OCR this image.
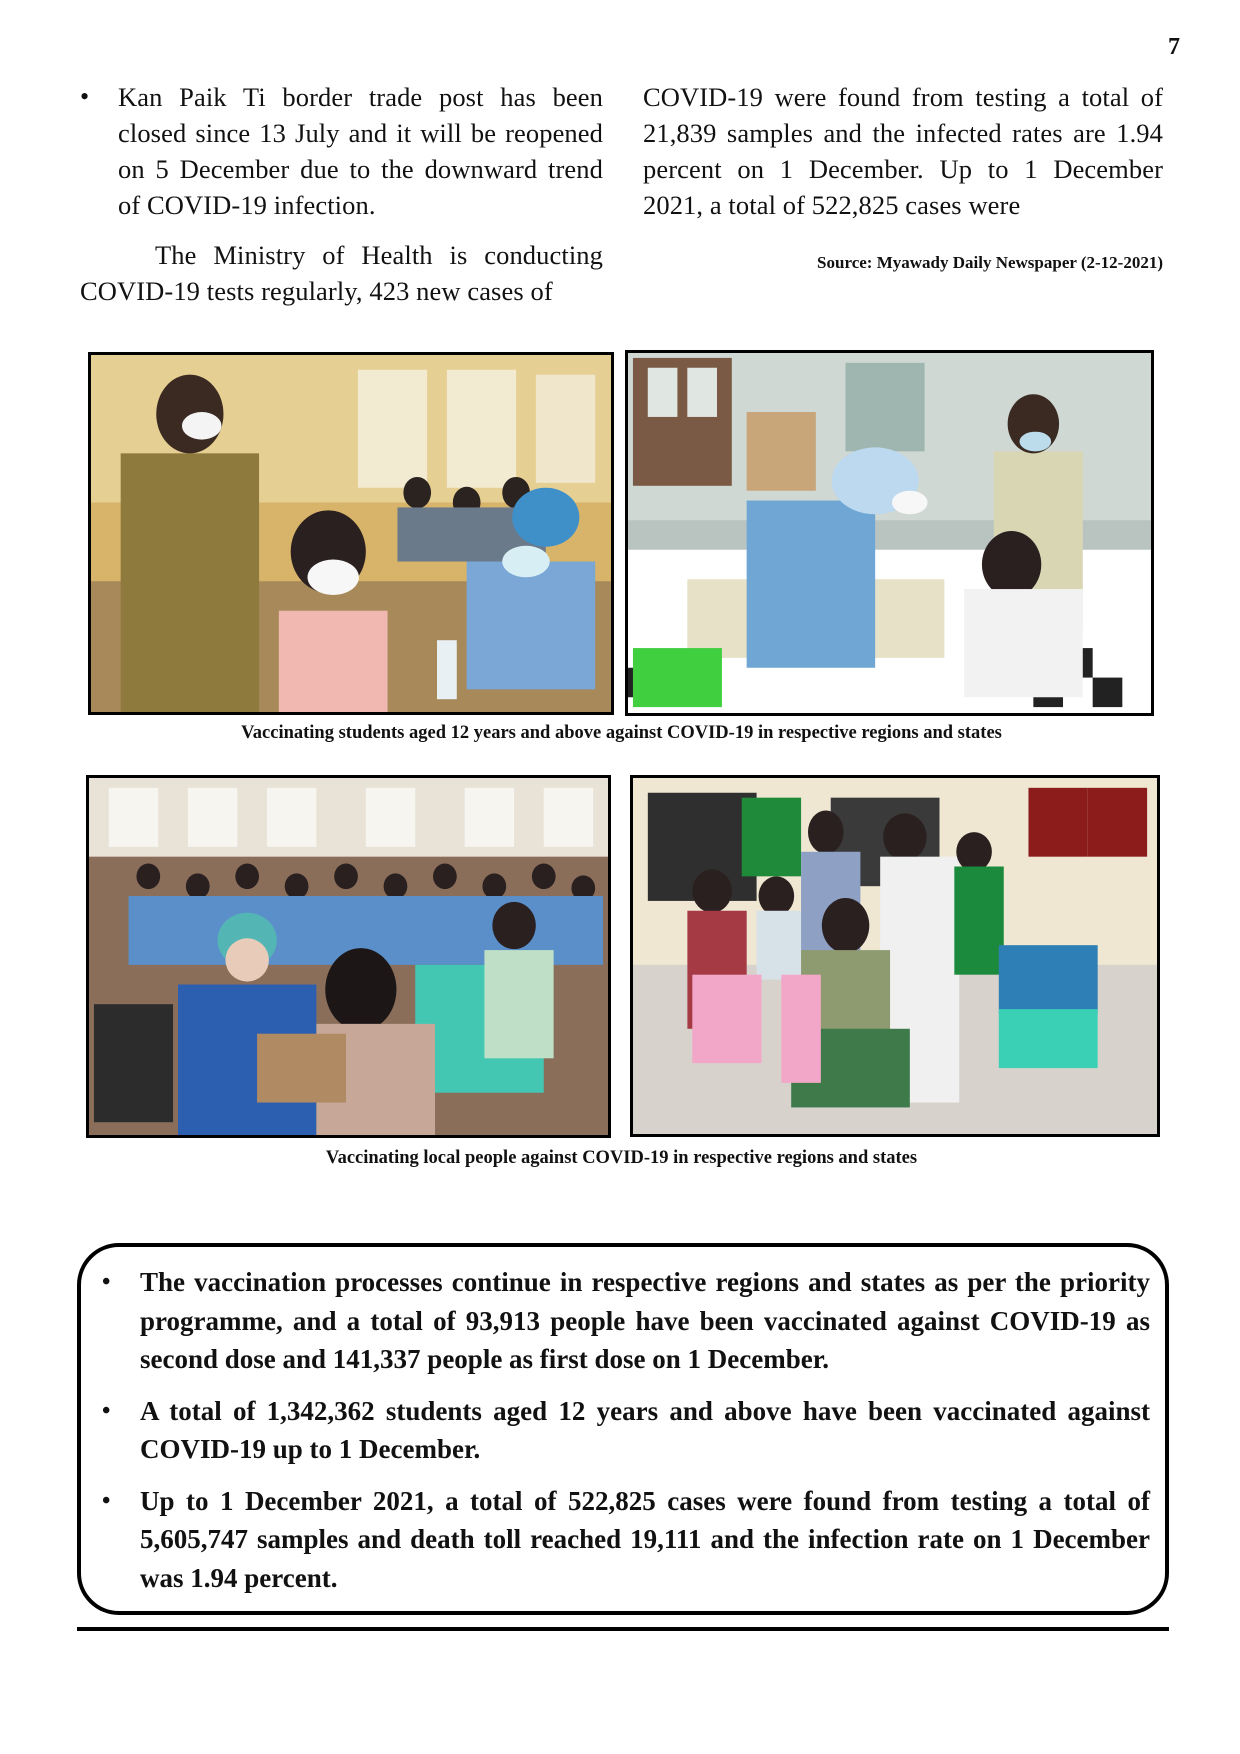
7
• Kan Paik Ti border trade post has been closed since 13 July and it will be reopened on 5 December due to the downward trend of COVID-19 infection.
The Ministry of Health is conducting COVID-19 tests regularly, 423 new cases of
COVID-19 were found from testing a total of 21,839 samples and the infected rates are 1.94 percent on 1 December. Up to 1 December 2021, a total of 522,825 cases were
Source: Myawady Daily Newspaper (2-12-2021)
Vaccinating students aged 12 years and above against COVID-19 in respective regions and states
Vaccinating local people against COVID-19 in respective regions and states
• The vaccination processes continue in respective regions and states as per the priority programme, and a total of 93,913 people have been vaccinated against COVID-19 as second dose and 141,337 people as first dose on 1 December.
• A total of 1,342,362 students aged 12 years and above have been vaccinated against COVID-19 up to 1 December.
• Up to 1 December 2021, a total of 522,825 cases were found from testing a total of 5,605,747 samples and death toll reached 19,111 and the infection rate on 1 December was 1.94 percent.
